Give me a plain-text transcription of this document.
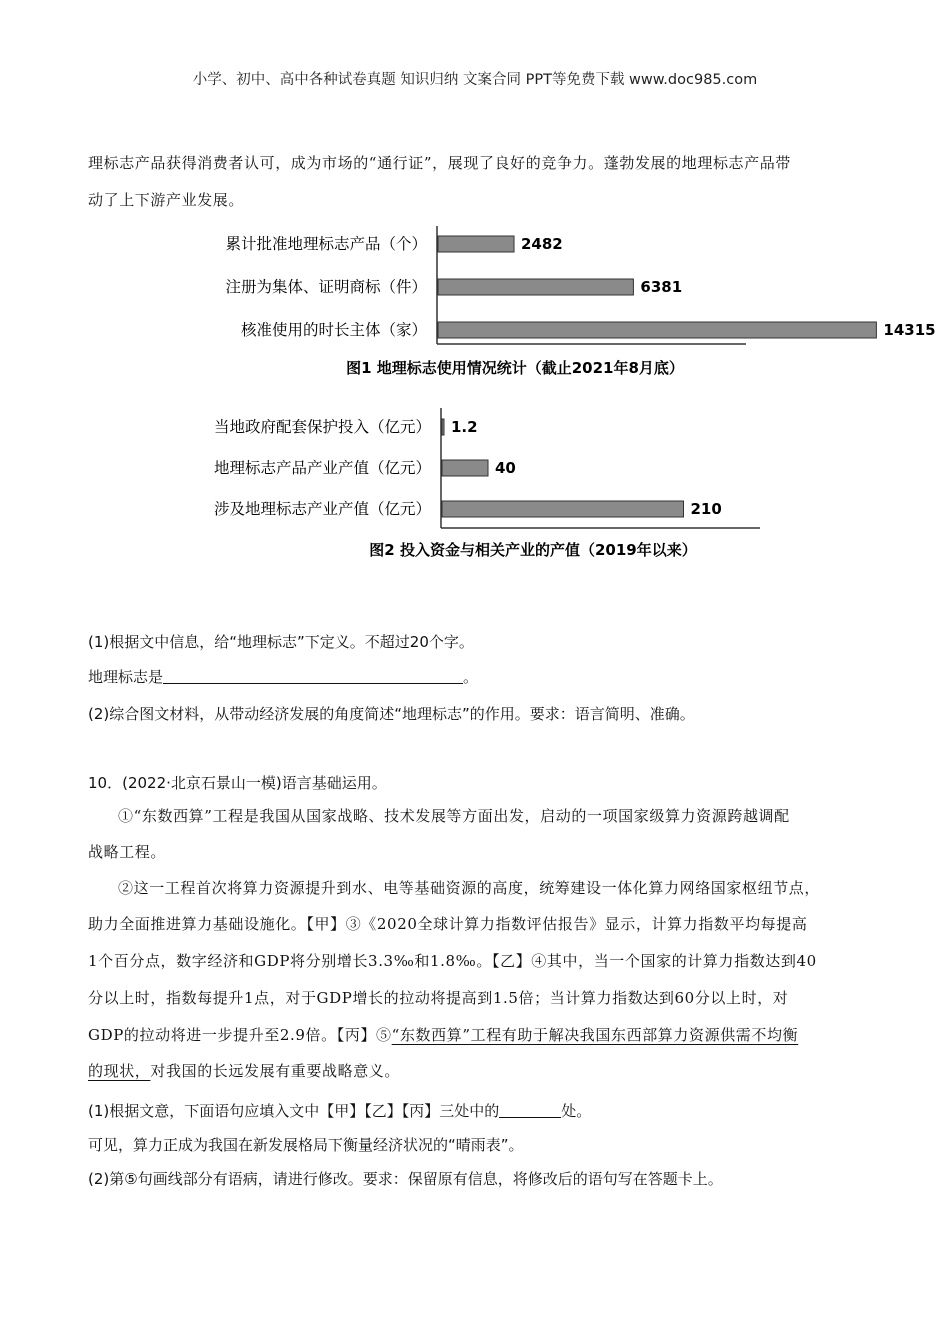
小学、初中、高中各种试卷真题 知识归纳 文案合同 PPT等免费下载 www.doc985.com
理标志产品获得消费者认可，成为市场的“通行证”，展现了良好的竞争力。蓬勃发展的地理标志产品带
动了上下游产业发展。
累计批准地理标志产品（个）
注册为集体、证明商标（件）
核准使用的时长主体（家）
2482
6381
14315
图1 地理标志使用情况统计（截止2021年8月底）
当地政府配套保护投入（亿元）
地理标志产品产业产值（亿元）
涉及地理标志产业产值（亿元）
1.2
40
210
图2 投入资金与相关产业的产值（2019年以来）
(1)根据文中信息，给“地理标志”下定义。不超过20个字。
地理标志是	。
(2)综合图文材料，从带动经济发展的角度简述“地理标志”的作用。要求：语言简明、准确。
10．(2022·北京石景山一模)语言基础运用。
①“东数西算”工程是我国从国家战略、技术发展等方面出发，启动的一项国家级算力资源跨越调配
战略工程。
②这一工程首次将算力资源提升到水、电等基础资源的高度，统筹建设一体化算力网络国家枢纽节点，
助力全面推进算力基础设施化。【甲】③《2020全球计算力指数评估报告》显示，计算力指数平均每提高
1个百分点，数字经济和GDP将分别增长3.3‰和1.8‰。【乙】④其中，当一个国家的计算力指数达到40
分以上时，指数每提升1点，对于GDP增长的拉动将提高到1.5倍；当计算力指数达到60分以上时，对
GDP的拉动将进一步提升至2.9倍。【丙】⑤“东数西算”工程有助于解决我国东西部算力资源供需不均衡
的现状，对我国的长远发展有重要战略意义。
(1)根据文意，下面语句应填入文中【甲】【乙】【丙】三处中的	处。
可见，算力正成为我国在新发展格局下衡量经济状况的“晴雨表”。
(2)第⑤句画线部分有语病，请进行修改。要求：保留原有信息，将修改后的语句写在答题卡上。
